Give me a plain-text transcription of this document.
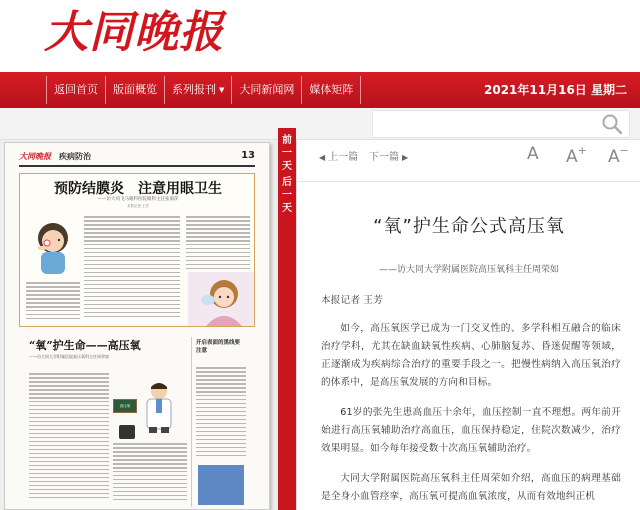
大同晚报
返回首页	版面概览	系列报刊 ▼	大同新闻网	媒体矩阵	2021年11月16日 星期二
大同晚报 疾病防治	13
预防结膜炎　注意用眼卫生
——访大同飞马眼科医院眼科主任张菊萍
本报记者 王芳
“氧”护生命——高压氧
——访大同大学附属医院高压氧科主任周荣如
高压氧
开启表面的黑线要注意
前
一
天
后
一
天
◀ 上一篇 下一篇 ▶	A A+ A−
“氧”护生命公式高压氧
——访大同大学附属医院高压氧科主任周荣如

本报记者 王芳

如今，高压氧医学已成为一门交叉性的、多学科相互融合的临床治疗学科，尤其在缺血缺氧性疾病、心肺脑复苏、昏迷促醒等领域，正逐渐成为疾病综合治疗的重要手段之一。把慢性病纳入高压氧治疗的体系中，是高压氧发展的方向和目标。

61岁的张先生患高血压十余年，血压控制一直不理想。两年前开始进行高压氧辅助治疗高血压，血压保持稳定，住院次数减少，治疗效果明显。如今每年接受数十次高压氧辅助治疗。

大同大学附属医院高压氧科主任周荣如介绍，高血压的病理基础是全身小血管痉挛，高压氧可提高血氧浓度，从而有效地纠正机
